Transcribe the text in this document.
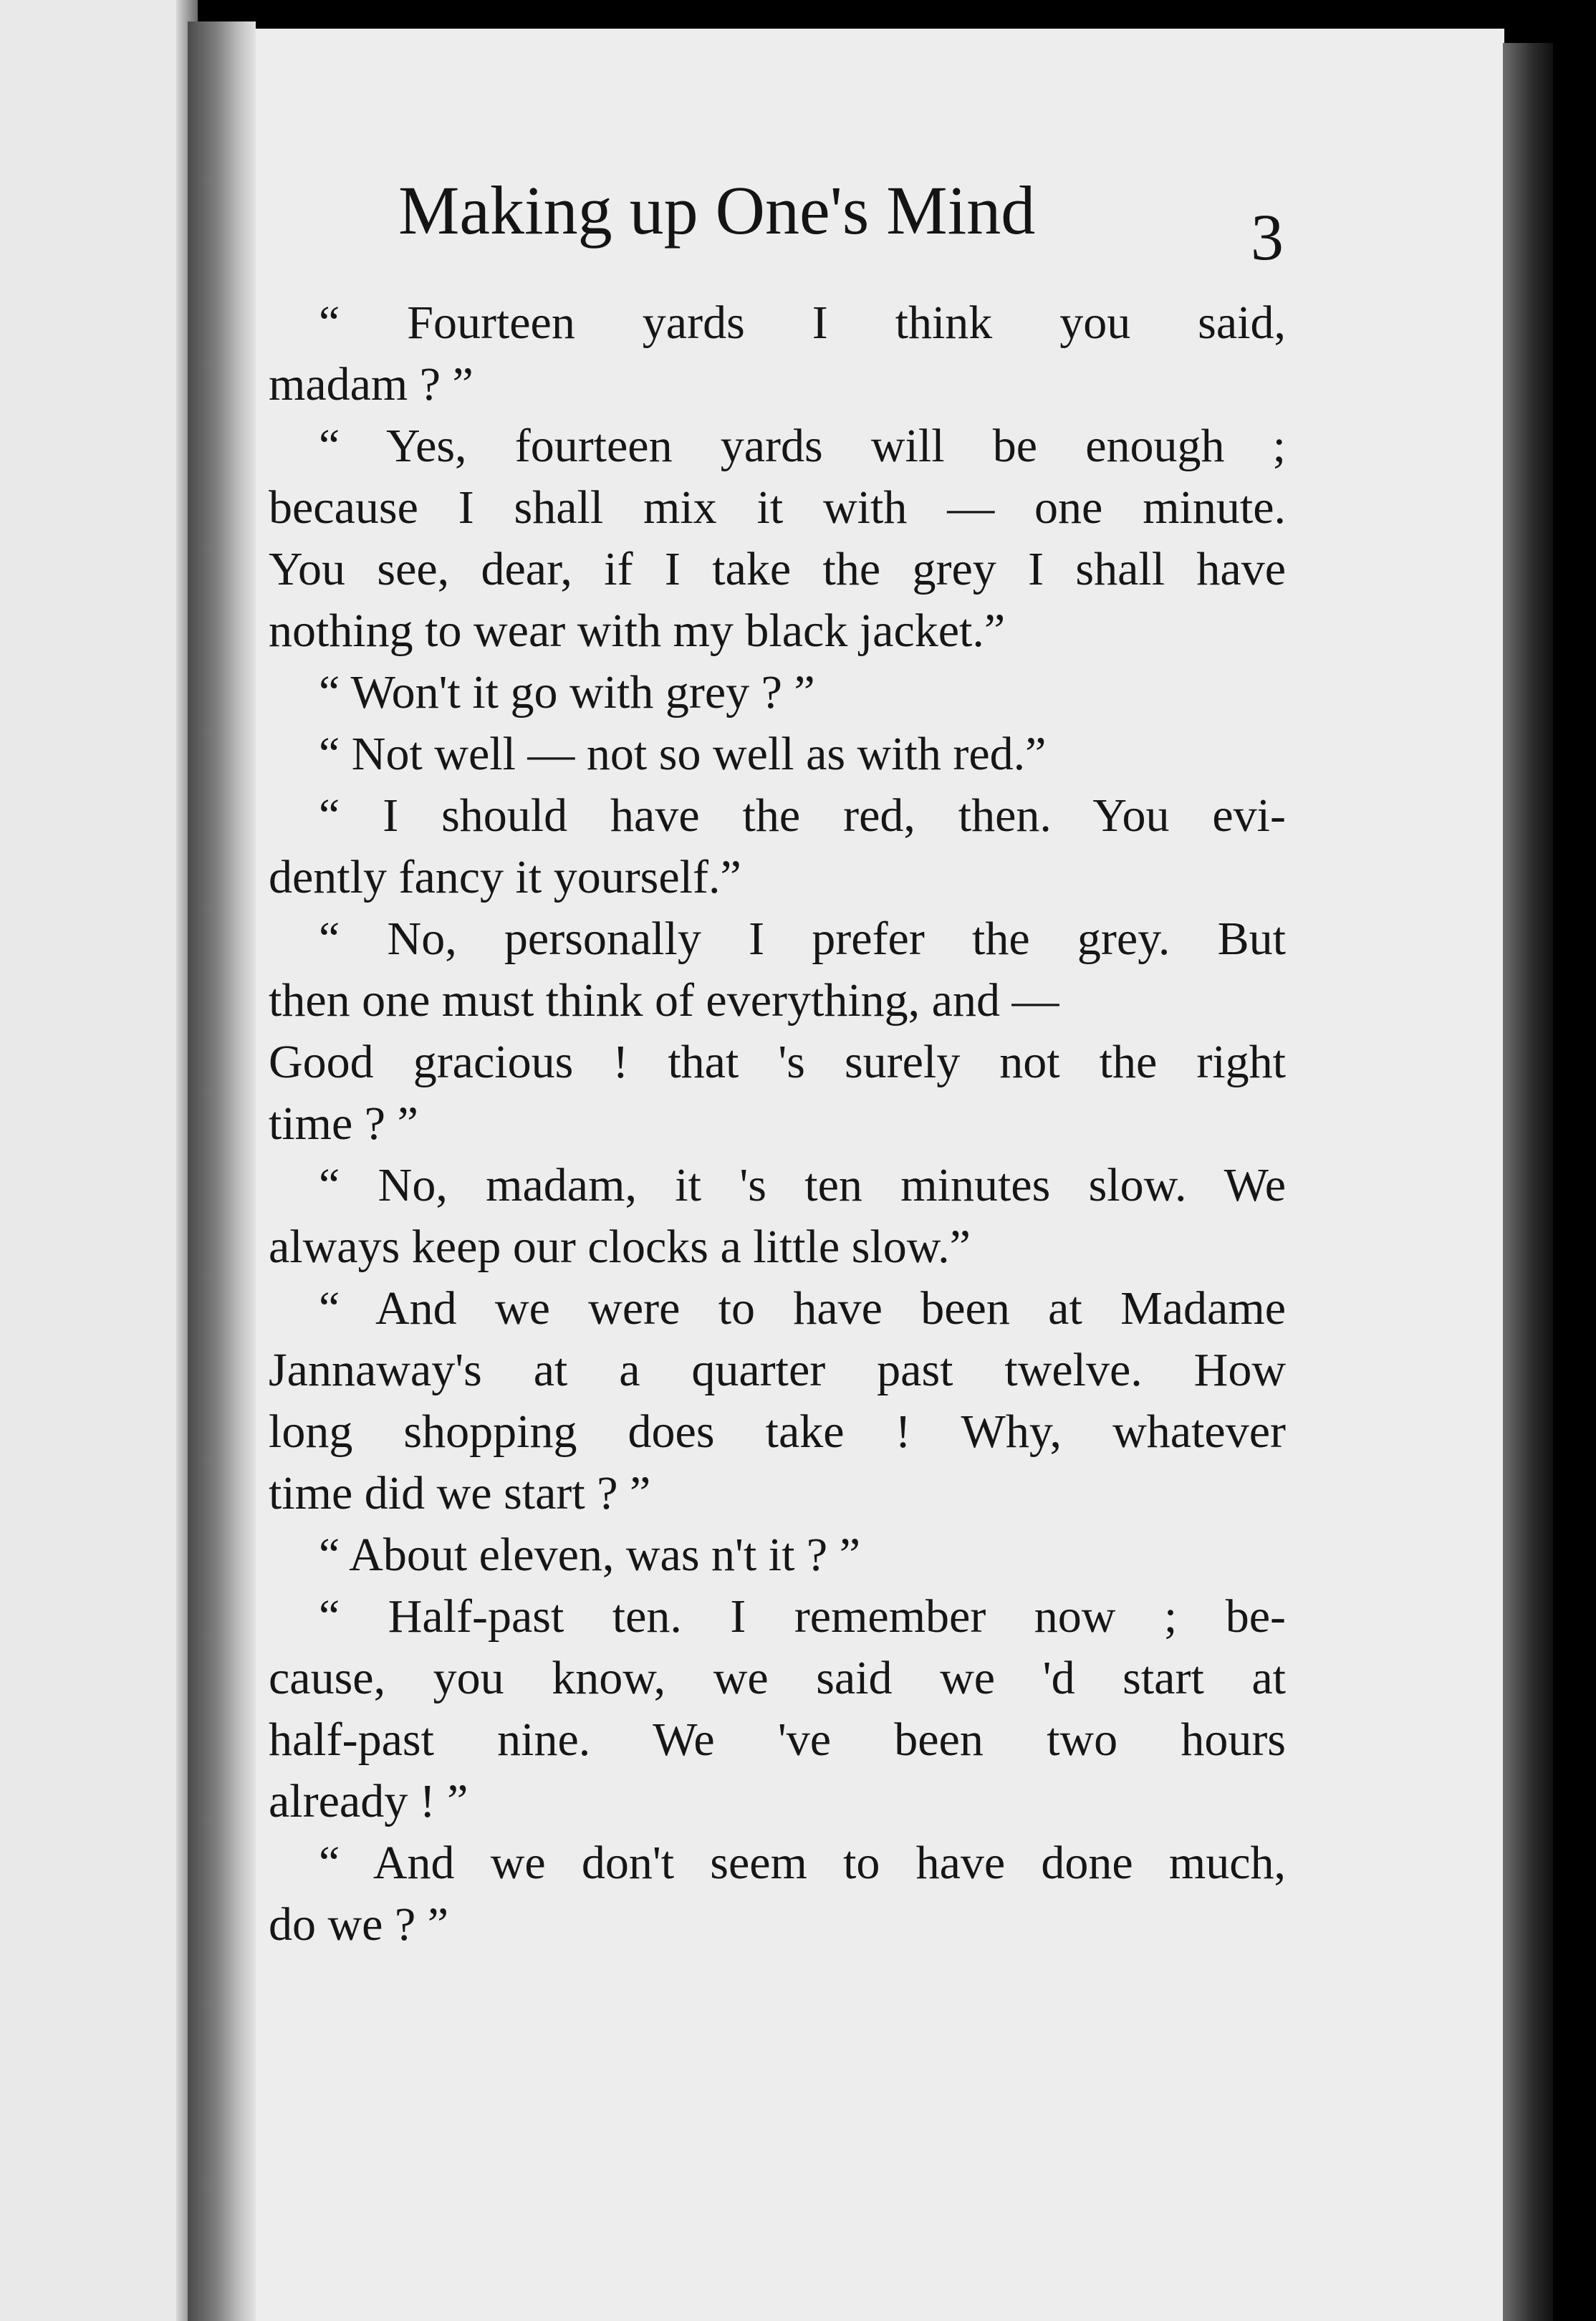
Making up One's Mind	3

“ Fourteen yards I think you said,
madam ? ”
“ Yes, fourteen yards will be enough ;
because I shall mix it with — one minute.
You see, dear, if I take the grey I shall have
nothing to wear with my black jacket.”
“ Won't it go with grey ? ”
“ Not well — not so well as with red.”
“ I should have the red, then. You evi-
dently fancy it yourself.”
“ No, personally I prefer the grey. But
then one must think of everything, and —
Good gracious ! that 's surely not the right
time ? ”
“ No, madam, it 's ten minutes slow. We
always keep our clocks a little slow.”
“ And we were to have been at Madame
Jannaway's at a quarter past twelve. How
long shopping does take ! Why, whatever
time did we start ? ”
“ About eleven, was n't it ? ”
“ Half-past ten. I remember now ; be-
cause, you know, we said we 'd start at
half-past nine. We 've been two hours
already ! ”
“ And we don't seem to have done much,
do we ? ”
